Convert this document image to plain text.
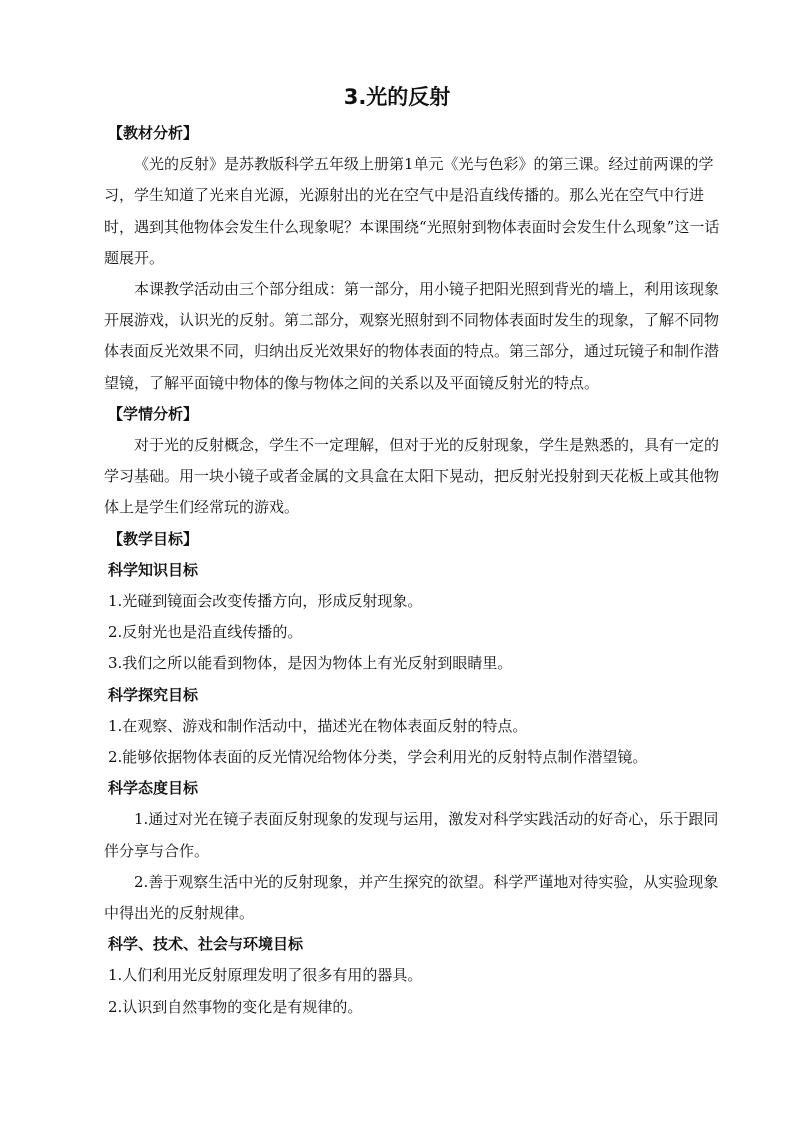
3.光的反射

【教材分析】

《光的反射》是苏教版科学五年级上册第1单元《光与色彩》的第三课。经过前两课的学习，学生知道了光来自光源，光源射出的光在空气中是沿直线传播的。那么光在空气中行进时，遇到其他物体会发生什么现象呢？本课围绕“光照射到物体表面时会发生什么现象”这一话题展开。

本课教学活动由三个部分组成：第一部分，用小镜子把阳光照到背光的墙上，利用该现象开展游戏，认识光的反射。第二部分，观察光照射到不同物体表面时发生的现象，了解不同物体表面反光效果不同，归纳出反光效果好的物体表面的特点。第三部分，通过玩镜子和制作潜望镜，了解平面镜中物体的像与物体之间的关系以及平面镜反射光的特点。

【学情分析】

对于光的反射概念，学生不一定理解，但对于光的反射现象，学生是熟悉的，具有一定的学习基础。用一块小镜子或者金属的文具盒在太阳下晃动，把反射光投射到天花板上或其他物体上是学生们经常玩的游戏。

【教学目标】

科学知识目标

1.光碰到镜面会改变传播方向，形成反射现象。

2.反射光也是沿直线传播的。

3.我们之所以能看到物体，是因为物体上有光反射到眼睛里。

科学探究目标

1.在观察、游戏和制作活动中，描述光在物体表面反射的特点。

2.能够依据物体表面的反光情况给物体分类，学会利用光的反射特点制作潜望镜。

科学态度目标

1.通过对光在镜子表面反射现象的发现与运用，激发对科学实践活动的好奇心，乐于跟同伴分享与合作。

2.善于观察生活中光的反射现象，并产生探究的欲望。科学严谨地对待实验，从实验现象中得出光的反射规律。

科学、技术、社会与环境目标

1.人们利用光反射原理发明了很多有用的器具。

2.认识到自然事物的变化是有规律的。
